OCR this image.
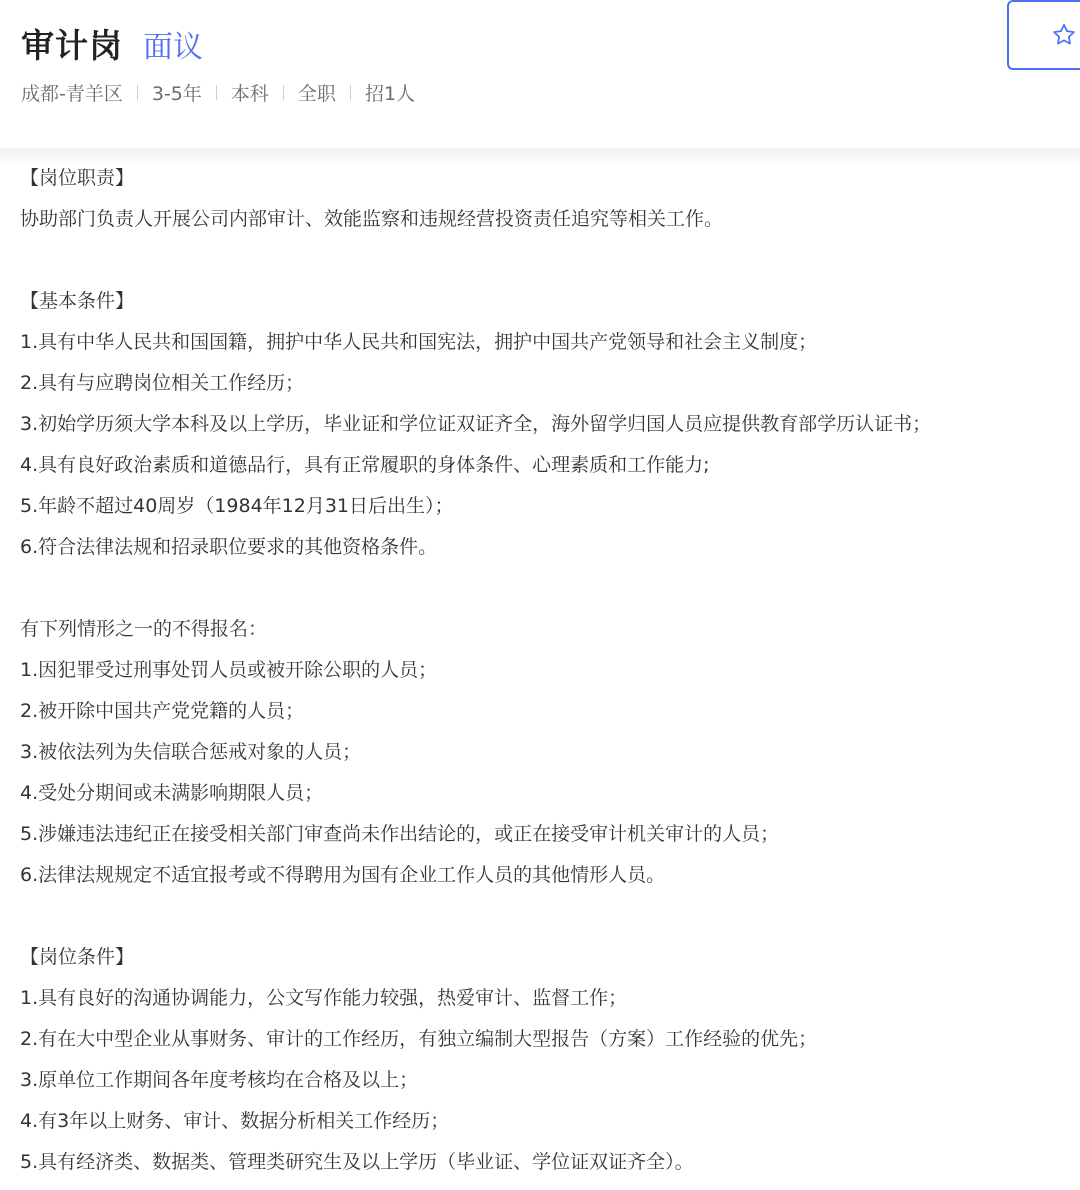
审计岗 面议
成都-青羊区 3-5年 本科 全职 招1人
【岗位职责】
协助部门负责人开展公司内部审计、效能监察和违规经营投资责任追究等相关工作。
【基本条件】
1.具有中华人民共和国国籍，拥护中华人民共和国宪法，拥护中国共产党领导和社会主义制度；
2.具有与应聘岗位相关工作经历；
3.初始学历须大学本科及以上学历，毕业证和学位证双证齐全，海外留学归国人员应提供教育部学历认证书；
4.具有良好政治素质和道德品行，具有正常履职的身体条件、心理素质和工作能力;
5.年龄不超过40周岁（1984年12月31日后出生）；
6.符合法律法规和招录职位要求的其他资格条件。
有下列情形之一的不得报名：
1.因犯罪受过刑事处罚人员或被开除公职的人员；
2.被开除中国共产党党籍的人员；
3.被依法列为失信联合惩戒对象的人员；
4.受处分期间或未满影响期限人员；
5.涉嫌违法违纪正在接受相关部门审查尚未作出结论的，或正在接受审计机关审计的人员；
6.法律法规规定不适宜报考或不得聘用为国有企业工作人员的其他情形人员。
【岗位条件】
1.具有良好的沟通协调能力，公文写作能力较强，热爱审计、监督工作；
2.有在大中型企业从事财务、审计的工作经历，有独立编制大型报告（方案）工作经验的优先；
3.原单位工作期间各年度考核均在合格及以上；
4.有3年以上财务、审计、数据分析相关工作经历；
5.具有经济类、数据类、管理类研究生及以上学历（毕业证、学位证双证齐全）。
